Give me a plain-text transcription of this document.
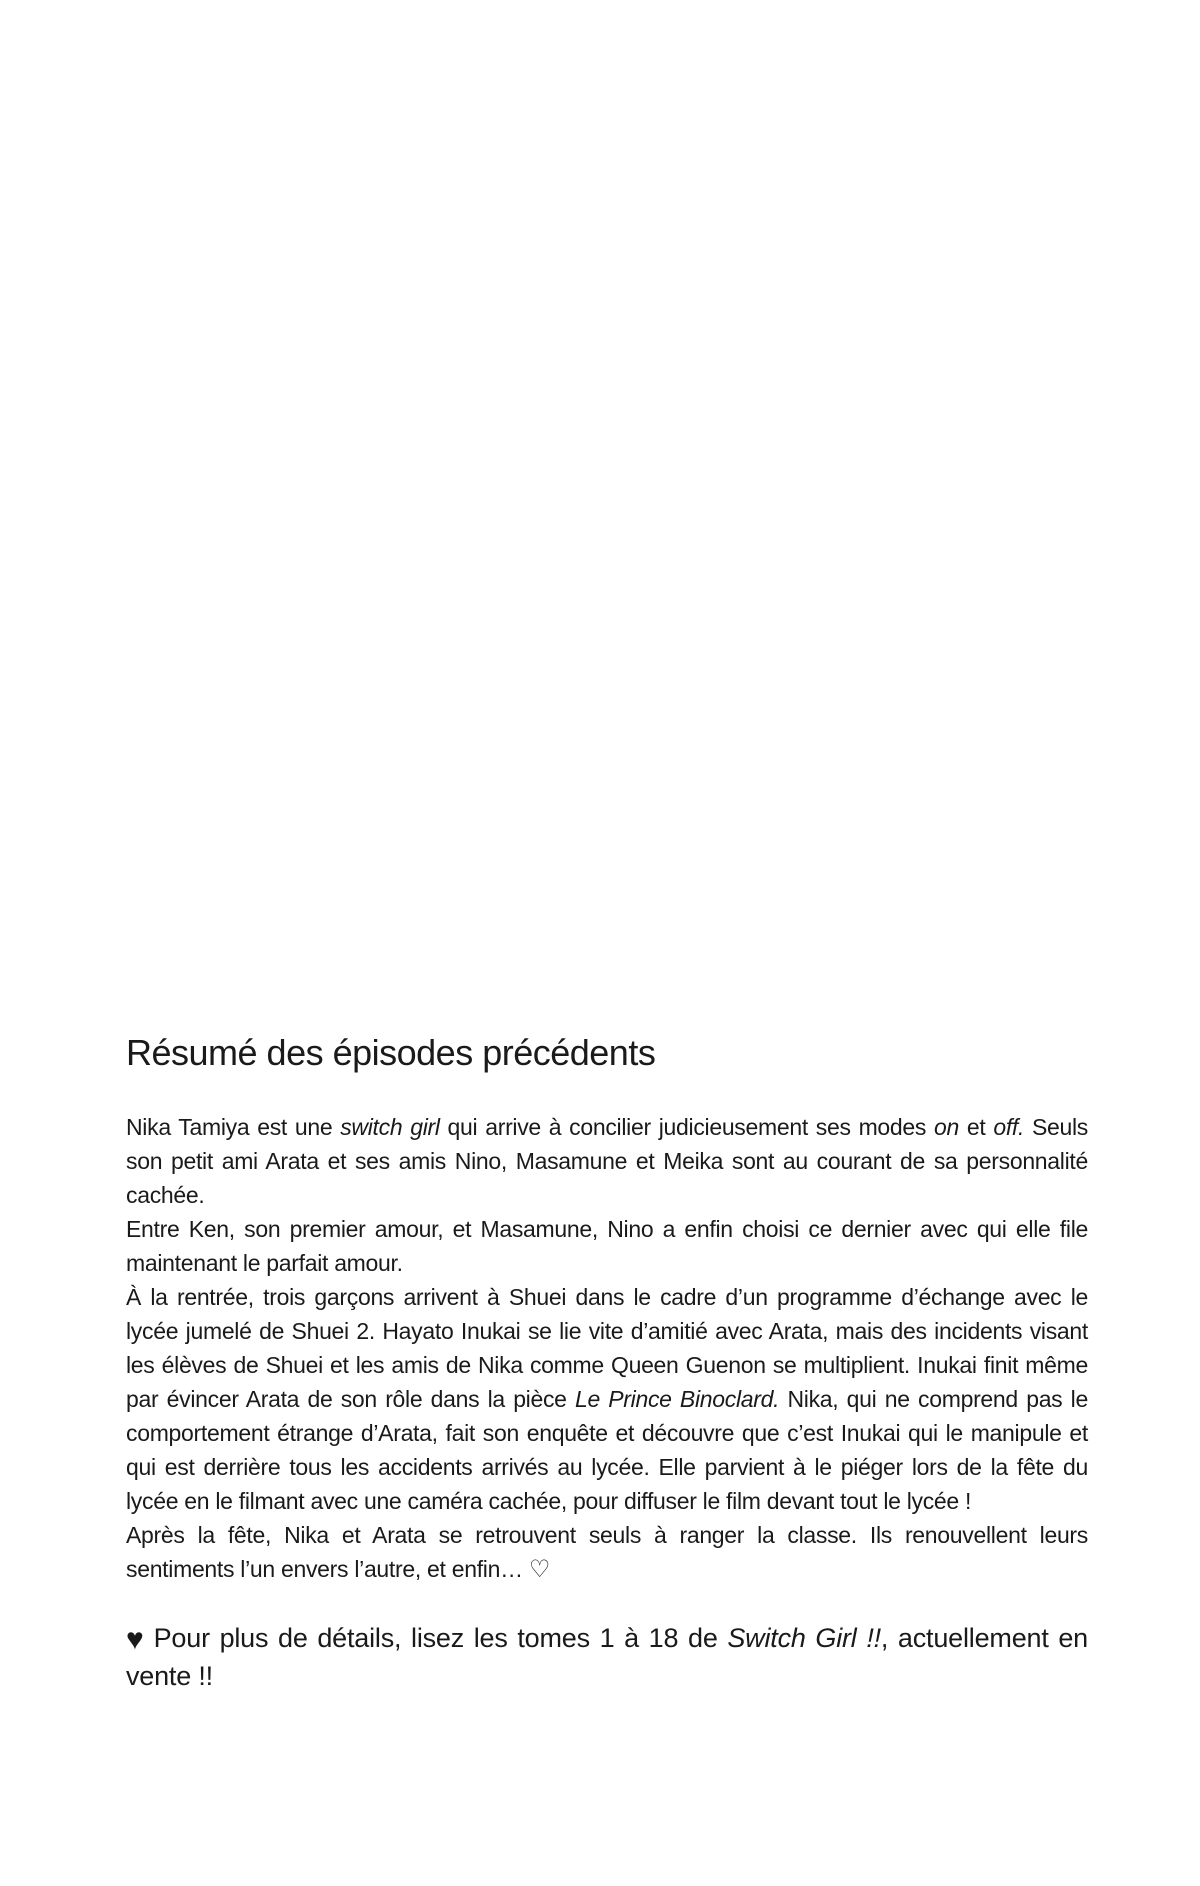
Résumé des épisodes précédents

Nika Tamiya est une switch girl qui arrive à concilier judicieusement ses modes on et off. Seuls son petit ami Arata et ses amis Nino, Masamune et Meika sont au courant de sa personnalité cachée.

Entre Ken, son premier amour, et Masamune, Nino a enfin choisi ce dernier avec qui elle file maintenant le parfait amour.

À la rentrée, trois garçons arrivent à Shuei dans le cadre d’un programme d’échange avec le lycée jumelé de Shuei 2. Hayato Inukai se lie vite d’amitié avec Arata, mais des incidents visant les élèves de Shuei et les amis de Nika comme Queen Guenon se multiplient. Inukai finit même par évincer Arata de son rôle dans la pièce Le Prince Binoclard. Nika, qui ne comprend pas le comportement étrange d’Arata, fait son enquête et découvre que c’est Inukai qui le manipule et qui est derrière tous les accidents arrivés au lycée. Elle parvient à le piéger lors de la fête du lycée en le filmant avec une caméra cachée, pour diffuser le film devant tout le lycée !

Après la fête, Nika et Arata se retrouvent seuls à ranger la classe. Ils renouvellent leurs sentiments l’un envers l’autre, et enfin… ♡

♥ Pour plus de détails, lisez les tomes 1 à 18 de Switch Girl !!, actuellement en vente !!
